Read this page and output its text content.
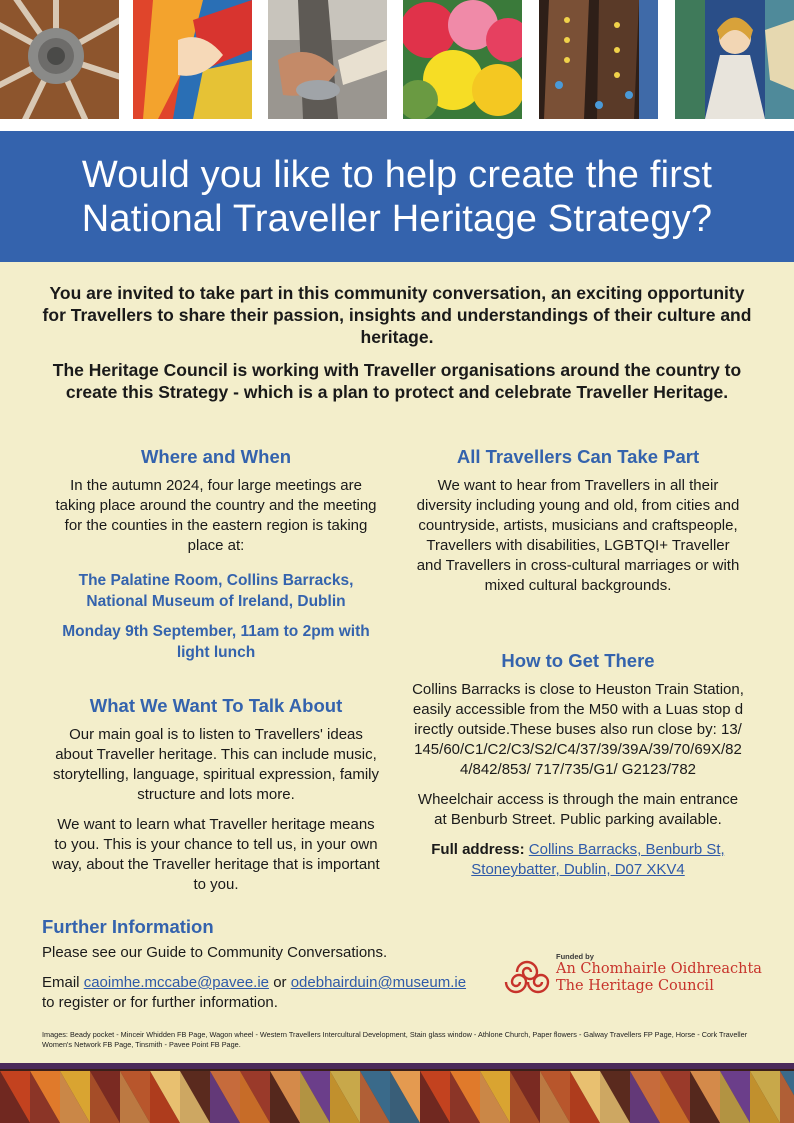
Would you like to help create the first
National Traveller Heritage Strategy?

You are invited to take part in this community conversation, an exciting opportunity for Travellers to share their passion, insights and understandings of their culture and heritage.

The Heritage Council is working with Traveller organisations around the country to create this Strategy - which is a plan to protect and celebrate Traveller Heritage.

Where and When

In the autumn 2024, four large meetings are taking place around the country and the meeting for the counties in the eastern region is taking place at:

The Palatine Room, Collins Barracks, National Museum of Ireland, Dublin

Monday 9th September, 11am to 2pm with light lunch

What We Want To Talk About

Our main goal is to listen to Travellers' ideas about Traveller heritage. This can include music, storytelling, language, spiritual expression, family structure and lots more.

We want to learn what Traveller heritage means to you. This is your chance to tell us, in your own way, about the Traveller heritage that is important to you.

All Travellers Can Take Part

We want to hear from Travellers in all their diversity including young and old, from cities and countryside, artists, musicians and craftspeople, Travellers with disabilities, LGBTQI+ Traveller and Travellers in cross-cultural marriages or with mixed cultural backgrounds.

How to Get There

Collins Barracks is close to Heuston Train Station, easily accessible from the M50 with a Luas stop directly outside.These buses also run close by: 13/145/60/C1/C2/C3/S2/C4/37/39/39A/39/70/69X/824/842/853/ 717/735/G1/ G2123/782

Wheelchair access is through the main entrance at Benburb Street. Public parking available.

Full address: Collins Barracks, Benburb St, Stoneybatter, Dublin, D07 XKV4

Further Information

Please see our Guide to Community Conversations.

Email caoimhe.mccabe@pavee.ie or odebhairduin@museum.ie
to register or for further information.

Funded by
An Chomhairle Oidhreachta
The Heritage Council
Images: Beady pocket - Minceir Whidden FB Page, Wagon wheel - Western Travellers Intercultural Development, Stain glass window - Athlone Church, Paper flowers - Galway Travellers FP Page, Horse - Cork Traveller Women's Network FB Page, Tinsmith - Pavee Point FB Page.
